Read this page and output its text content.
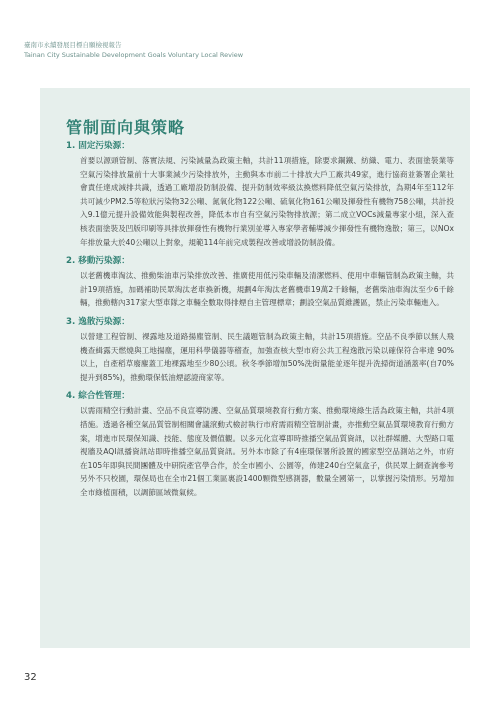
臺南市永續發展目標自願檢視報告
Tainan City Sustainable Development Goals Voluntary Local Review
管制面向與策略
1. 固定污染源：
首要以源頭管制、落實法規、污染減量為政策主軸，共計11項措施，除要求鋼鐵、紡織、電力、表面塗裝業等空氣污染排放量前十大事業減少污染排放外，主動與本市前二十排放大戶工廠共49家，進行協商並簽署企業社會責任達成減排共識，透過工廠增設防制設備、提升防制效率級汰換燃料降低空氣污染排放，為期4年至112年共可減少PM2.5等粒狀污染物32公噸、氮氧化物122公噸、硫氧化物161公噸及揮發性有機物758公噸，共計投入9.1億元提升設備效能與製程改善，降低本市自有空氣污染物排放源；第二成立VOCs減量專家小組，深入查核表面塗裝及凹版印刷等具排放揮發性有機物行業別並導入專家學者輔導減少揮發性有機物逸散；第三，以NOx年排放量大於40公噸以上對象，規範114年前完成製程改善或增設防制設備。
2. 移動污染源：
以老舊機車淘汰、推動柴油車污染排放改善、推廣使用低污染車輛及清潔燃料、使用中車輛管制為政策主軸，共計19項措施，加碼補助民眾淘汰老車換新機，規劃4年淘汰老舊機車19萬2千餘輛，老舊柴油車淘汰至少6千餘輛，推動轄內317家大型車隊之車輛全數取得排煙自主管理標章；劃設空氣品質維護區，禁止污染車輛進入。
3. 逸散污染源：
以營建工程管制、裸露地及道路揚塵管制、民生議題管制為政策主軸，共計15項措施。空品不良季節以無人飛機查緝露天燃燒與工地揚塵，運用科學儀器等稽查，加強查核大型市府公共工程逸散污染以確保符合率達 90%以上，自產稻草廢麈蓋工地裸露地至少80公頃。秋冬季節增加50%洗街量能並逐年提升洗掃街道涵蓋率(自70%提升到85%)，推動環保低油煙認證商家等。
4. 綜合性管理：
以需雨精空行動計畫、空品不良宣導防護、空氣品質環境教育行動方案、推動環境綠生活為政策主軸，共計4項措施。透過各種空氣品質管制相關會議滾動式檢討執行市府需雨精空管制計畫，亦推動空氣品質環境教育行動方案，增進市民環保知識、技能、態度及價值觀。以多元化宣導即時推播空氣品質資訊，以社群媒體、大型路口電視牆及AQI訊播資訊站即時推播空氣品質資訊。另外本市除了有4座環保署所設置的國家型空品測站之外，市府在105年即與民間團體及中研院產官學合作，於全市國小、公園等，佈建240台空氣盒子，供民眾上網查詢參考另外不只校園，環保局也在全市21個工業區裏設1400顆微型感測器，數量全國第一，以掌握污染情形。另增加全市綠植面積，以調節區域微氣候。
32
